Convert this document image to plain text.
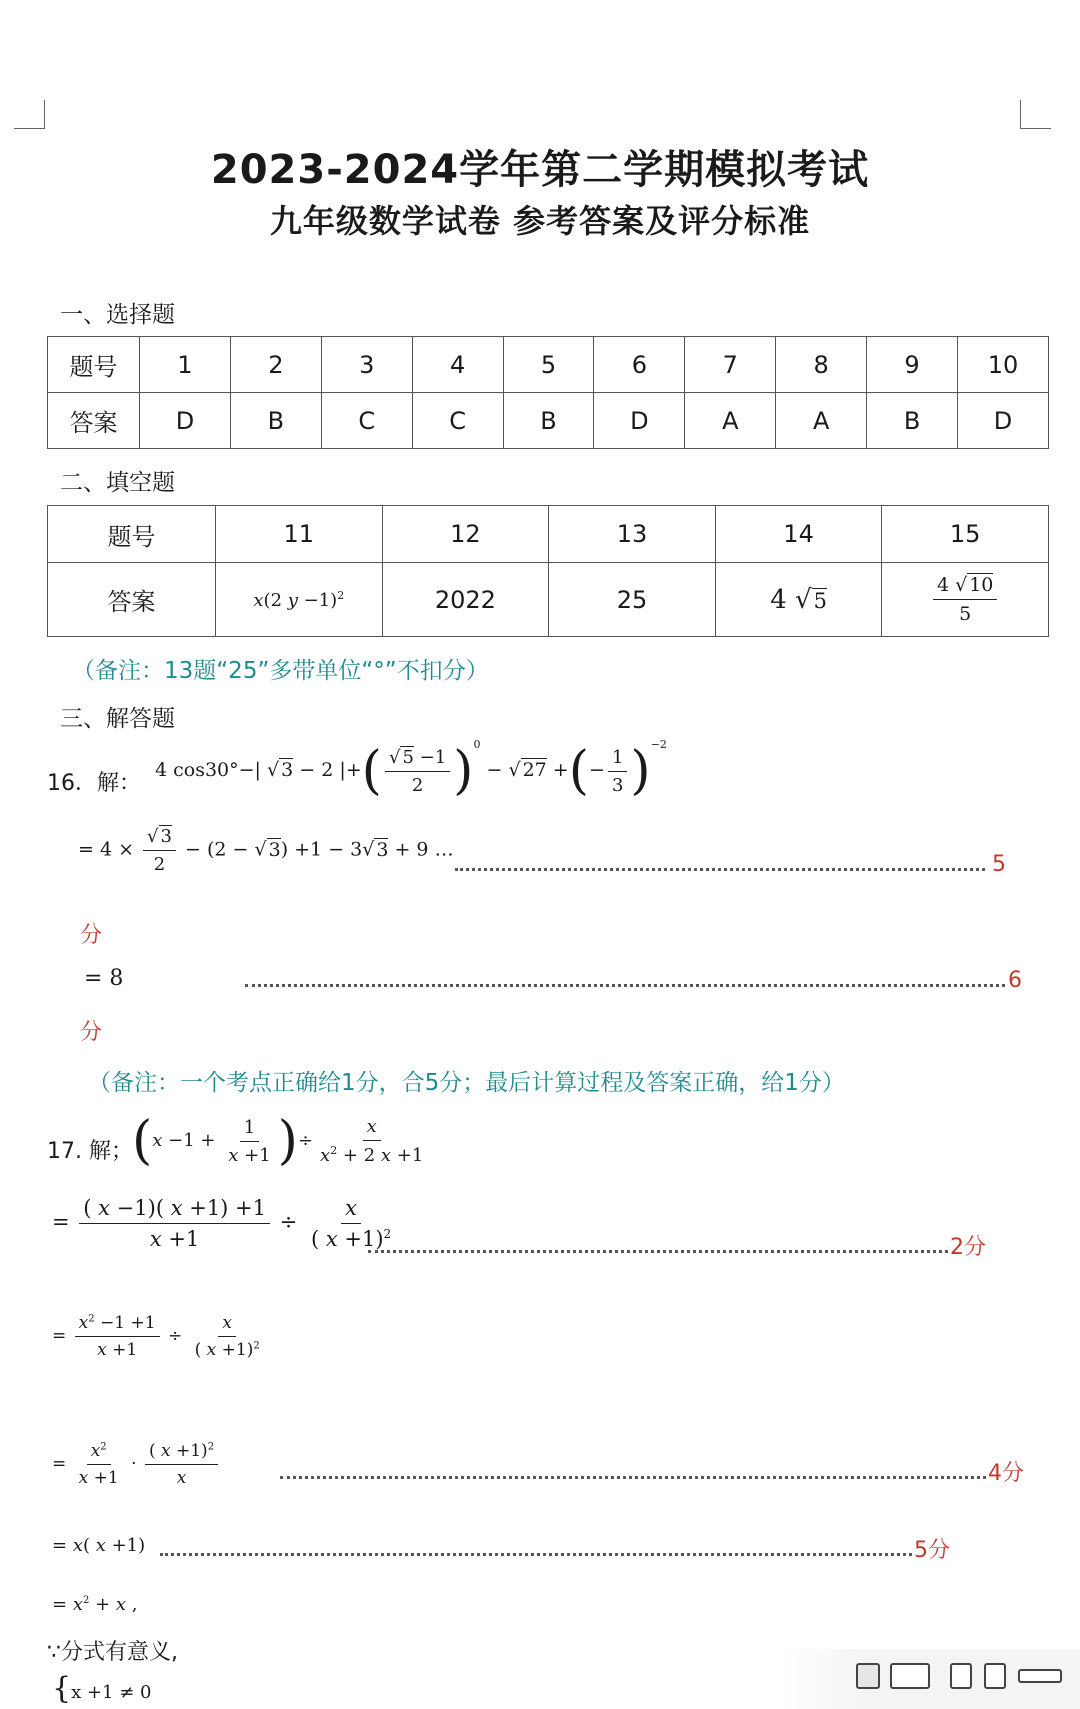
2023-2024学年第二学期模拟考试
九年级数学试卷 参考答案及评分标准
一、选择题
题号	1	2	3	4	5	6	7	8	9	10
答案	D	B	C	C	B	D	A	A	B	D
二、填空题
题号	11	12	13	14	15
答案	x(2 y −1)$^2$	2022	25	4 √5	$\frac{4 √ 10}{5}$
（备注：13题“25”多带单位“°”不扣分）
三、解答题
16．解：
4 cos30°−| √ 3 − 2 |+( $\frac{√ 5 -1}{2} )^0$ − √ 27 +(− $\frac{1}{3} )^{-2}$
= $4 \times \frac{√ 3}{2} - (2$ − √ 3) +1 − 3√ 3 + 9 …
5
分
= 8	6
分
（备注：一个考点正确给1分，合5分；最后计算过程及答案正确，给1分）
17. 解； ($x -1 + \frac{1}{x +1}$ )÷ $\frac{x}{x^2 + 2 x +1}$
= $\frac{( x -1)( x +1) +1}{x +1} \div \frac{x}{( x +1)^2}$	2分
= $\frac{x^2 -1 +1}{x +1} \div \frac{x}{( x +1)^2}$
= $\frac{x^2}{x +1} \cdot \frac{( x +1)^2}{x}$	4分
= x( x +1)	5分
= $x^2 + x$ ,
∵分式有意义,
{x +1 ≠ 0
